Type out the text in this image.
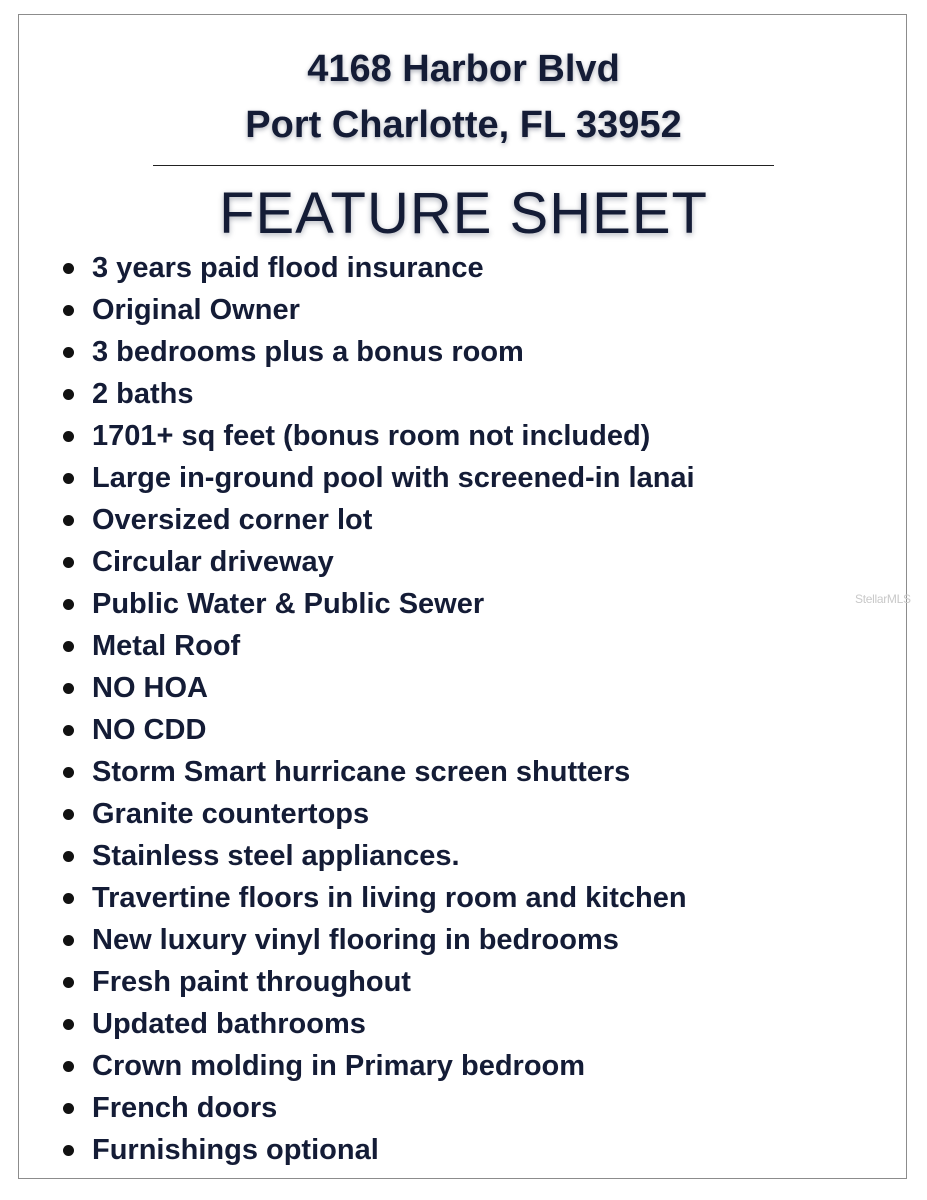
4168 Harbor Blvd
Port Charlotte, FL 33952
FEATURE SHEET
3 years paid flood insurance
Original Owner
3 bedrooms plus a bonus room
2 baths
1701+ sq feet (bonus room not included)
Large in-ground pool with screened-in lanai
Oversized corner lot
Circular driveway
Public Water & Public Sewer
Metal Roof
NO HOA
NO CDD
Storm Smart hurricane screen shutters
Granite countertops
Stainless steel appliances.
Travertine floors in living room and kitchen
New luxury vinyl flooring in bedrooms
Fresh paint throughout
Updated bathrooms
Crown molding in Primary bedroom
French doors
Furnishings optional
StellarMLS
